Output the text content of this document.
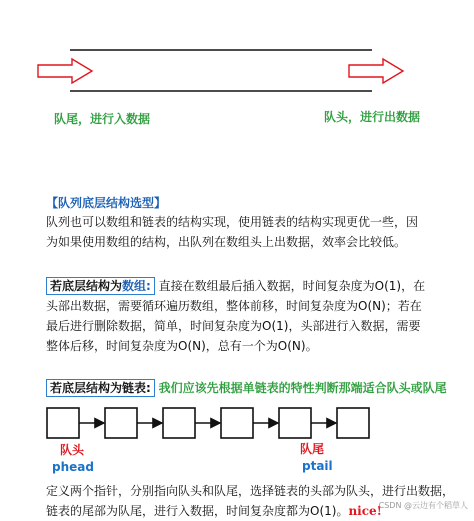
队尾，进行入数据	队头，进行出数据
【队列底层结构选型】
队列也可以数组和链表的结构实现，使用链表的结构实现更优一些，因
为如果使用数组的结构，出队列在数组头上出数据，效率会比较低。
若底层结构为数组: 直接在数组最后插入数据，时间复杂度为O(1)，在
头部出数据，需要循环遍历数组，整体前移，时间复杂度为O(N)；若在
最后进行删除数据，简单，时间复杂度为O(1)，头部进行入数据，需要
整体后移，时间复杂度为O(N)，总有一个为O(N)。
若底层结构为链表: 我们应该先根据单链表的特性判断那端适合队头或队尾
队头
phead
队尾
ptail
定义两个指针，分别指向队头和队尾，选择链表的头部为队头，进行出数据，
链表的尾部为队尾，进行入数据，时间复杂度都为O(1)。nice!
CSDN @云边有个稻草人
